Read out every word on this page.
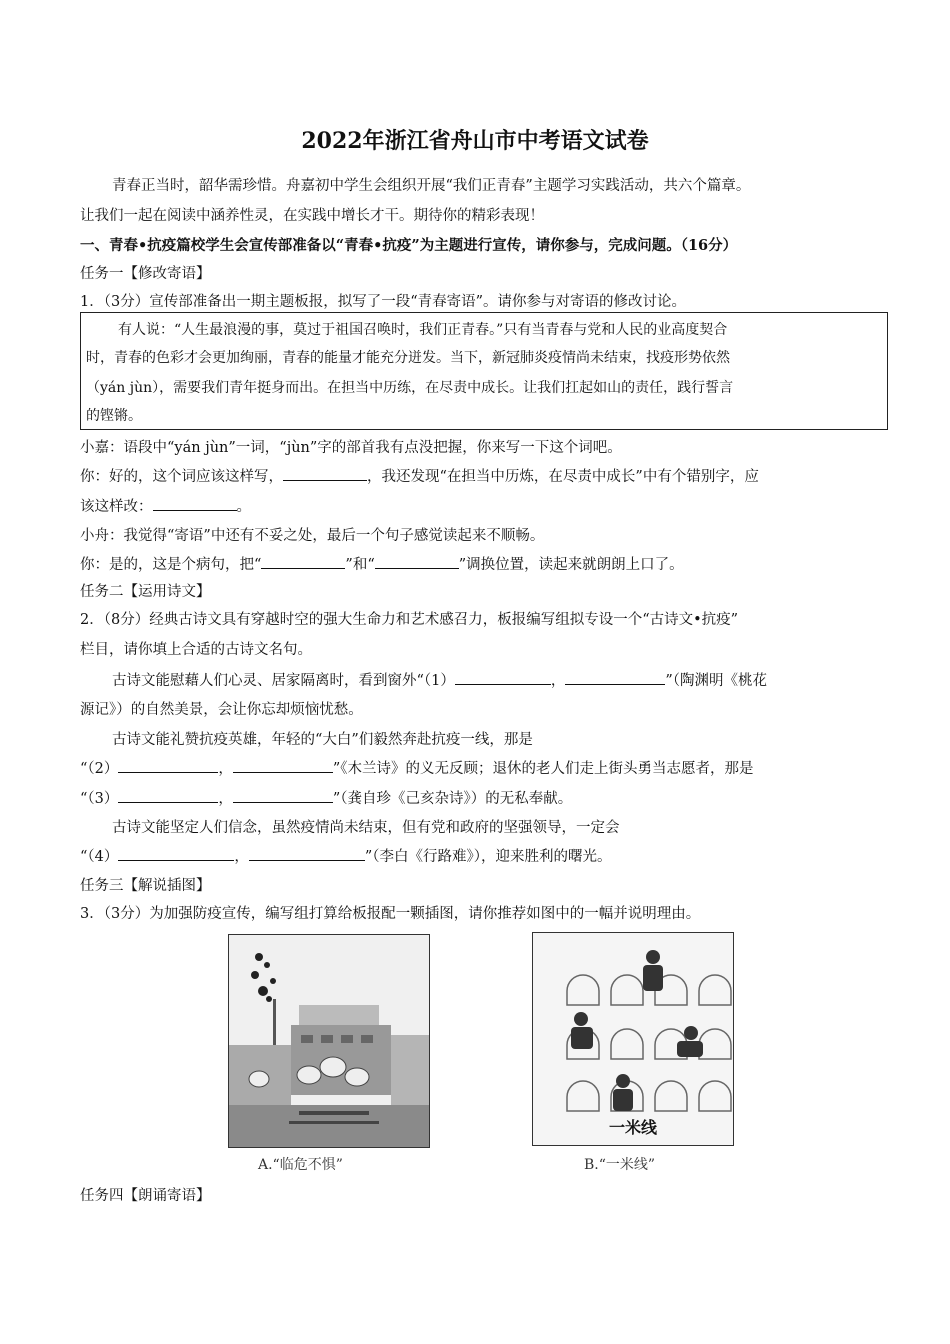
2022年浙江省舟山市中考语文试卷
青春正当时，韶华需珍惜。舟嘉初中学生会组织开展“我们正青春”主题学习实践活动，共六个篇章。
让我们一起在阅读中涵养性灵，在实践中增长才干。期待你的精彩表现！
一、青春•抗疫篇校学生会宣传部准备以“青春•抗疫”为主题进行宣传，请你参与，完成问题。（16分）
任务一【修改寄语】
1．（3分）宣传部准备出一期主题板报，拟写了一段“青春寄语”。请你参与对寄语的修改讨论。
有人说：“人生最浪漫的事，莫过于祖国召唤时，我们正青春。”只有当青春与党和人民的业高度契合
时，青春的色彩才会更加绚丽，青春的能量才能充分迸发。当下，新冠肺炎疫情尚未结束，找疫形势依然
（yán jùn），需要我们青年挺身而出。在担当中历练，在尽责中成长。让我们扛起如山的责任，践行誓言
的铿锵。
小嘉：语段中“yán jùn”一词，“jùn”字的部首我有点没把握，你来写一下这个词吧。
你：好的，这个词应该这样写，	，我还发现“在担当中历炼，在尽责中成长”中有个错别字，应
该这样改：	。
小舟：我觉得“寄语”中还有不妥之处，最后一个句子感觉读起来不顺畅。
你：是的，这是个病句，把“	”和“	”调换位置，读起来就朗朗上口了。
任务二【运用诗文】
2．（8分）经典古诗文具有穿越时空的强大生命力和艺术感召力，板报编写组拟专设一个“古诗文•抗疫”
栏目，请你填上合适的古诗文名句。
古诗文能慰藉人们心灵、居家隔离时，看到窗外“（1）	，	”（陶渊明《桃花
源记》）的自然美景，会让你忘却烦恼忧愁。
古诗文能礼赞抗疫英雄，年轻的“大白”们毅然奔赴抗疫一线，那是
“（2）	，	”《木兰诗》的义无反顾；退休的老人们走上街头勇当志愿者，那是
“（3）	，	”（龚自珍《己亥杂诗》）的无私奉献。
古诗文能坚定人们信念，虽然疫情尚未结束，但有党和政府的坚强领导，一定会
“（4）	，	”（李白《行路难》），迎来胜利的曙光。
任务三【解说插图】
3．（3分）为加强防疫宣传，编写组打算给板报配一颗插图，请你推荐如图中的一幅并说明理由。
A.“临危不惧”
一米线
B.“一米线”
任务四【朗诵寄语】
